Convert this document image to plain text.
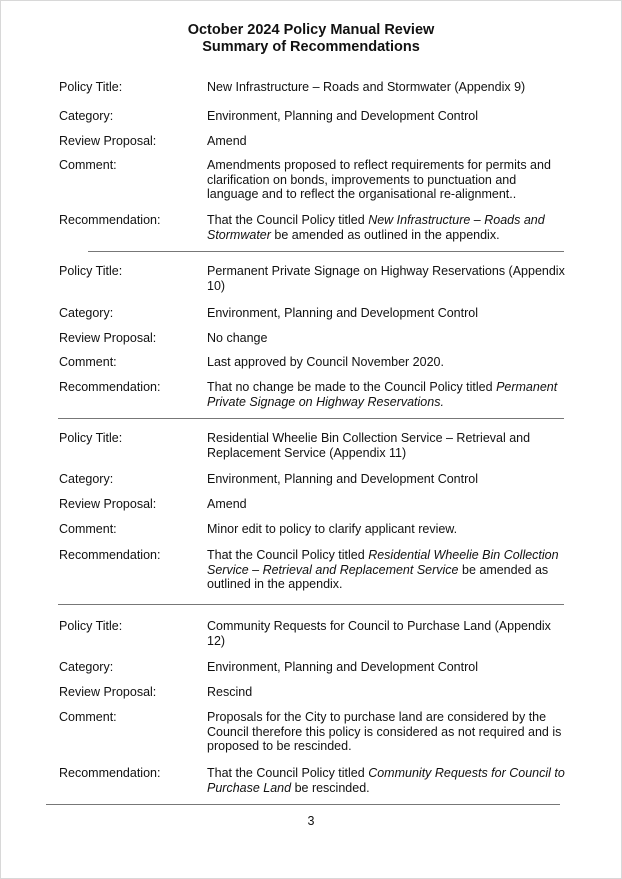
October 2024 Policy Manual Review
Summary of Recommendations
Policy Title:	New Infrastructure – Roads and Stormwater (Appendix 9)
Category:	Environment, Planning and Development Control
Review Proposal:	Amend
Comment:	Amendments proposed to reflect requirements for permits and clarification on bonds, improvements to punctuation and language and to reflect the organisational re-alignment..
Recommendation:	That the Council Policy titled New Infrastructure – Roads and Stormwater be amended as outlined in the appendix.
Policy Title:	Permanent Private Signage on Highway Reservations (Appendix 10)
Category:	Environment, Planning and Development Control
Review Proposal:	No change
Comment:	Last approved by Council November 2020.
Recommendation:	That no change be made to the Council Policy titled Permanent Private Signage on Highway Reservations.
Policy Title:	Residential Wheelie Bin Collection Service – Retrieval and Replacement Service (Appendix 11)
Category:	Environment, Planning and Development Control
Review Proposal:	Amend
Comment:	Minor edit to policy to clarify applicant review.
Recommendation:	That the Council Policy titled Residential Wheelie Bin Collection Service – Retrieval and Replacement Service be amended as outlined in the appendix.
Policy Title:	Community Requests for Council to Purchase Land (Appendix 12)
Category:	Environment, Planning and Development Control
Review Proposal:	Rescind
Comment:	Proposals for the City to purchase land are considered by the Council therefore this policy is considered as not required and is proposed to be rescinded.
Recommendation:	That the Council Policy titled Community Requests for Council to Purchase Land be rescinded.
3
